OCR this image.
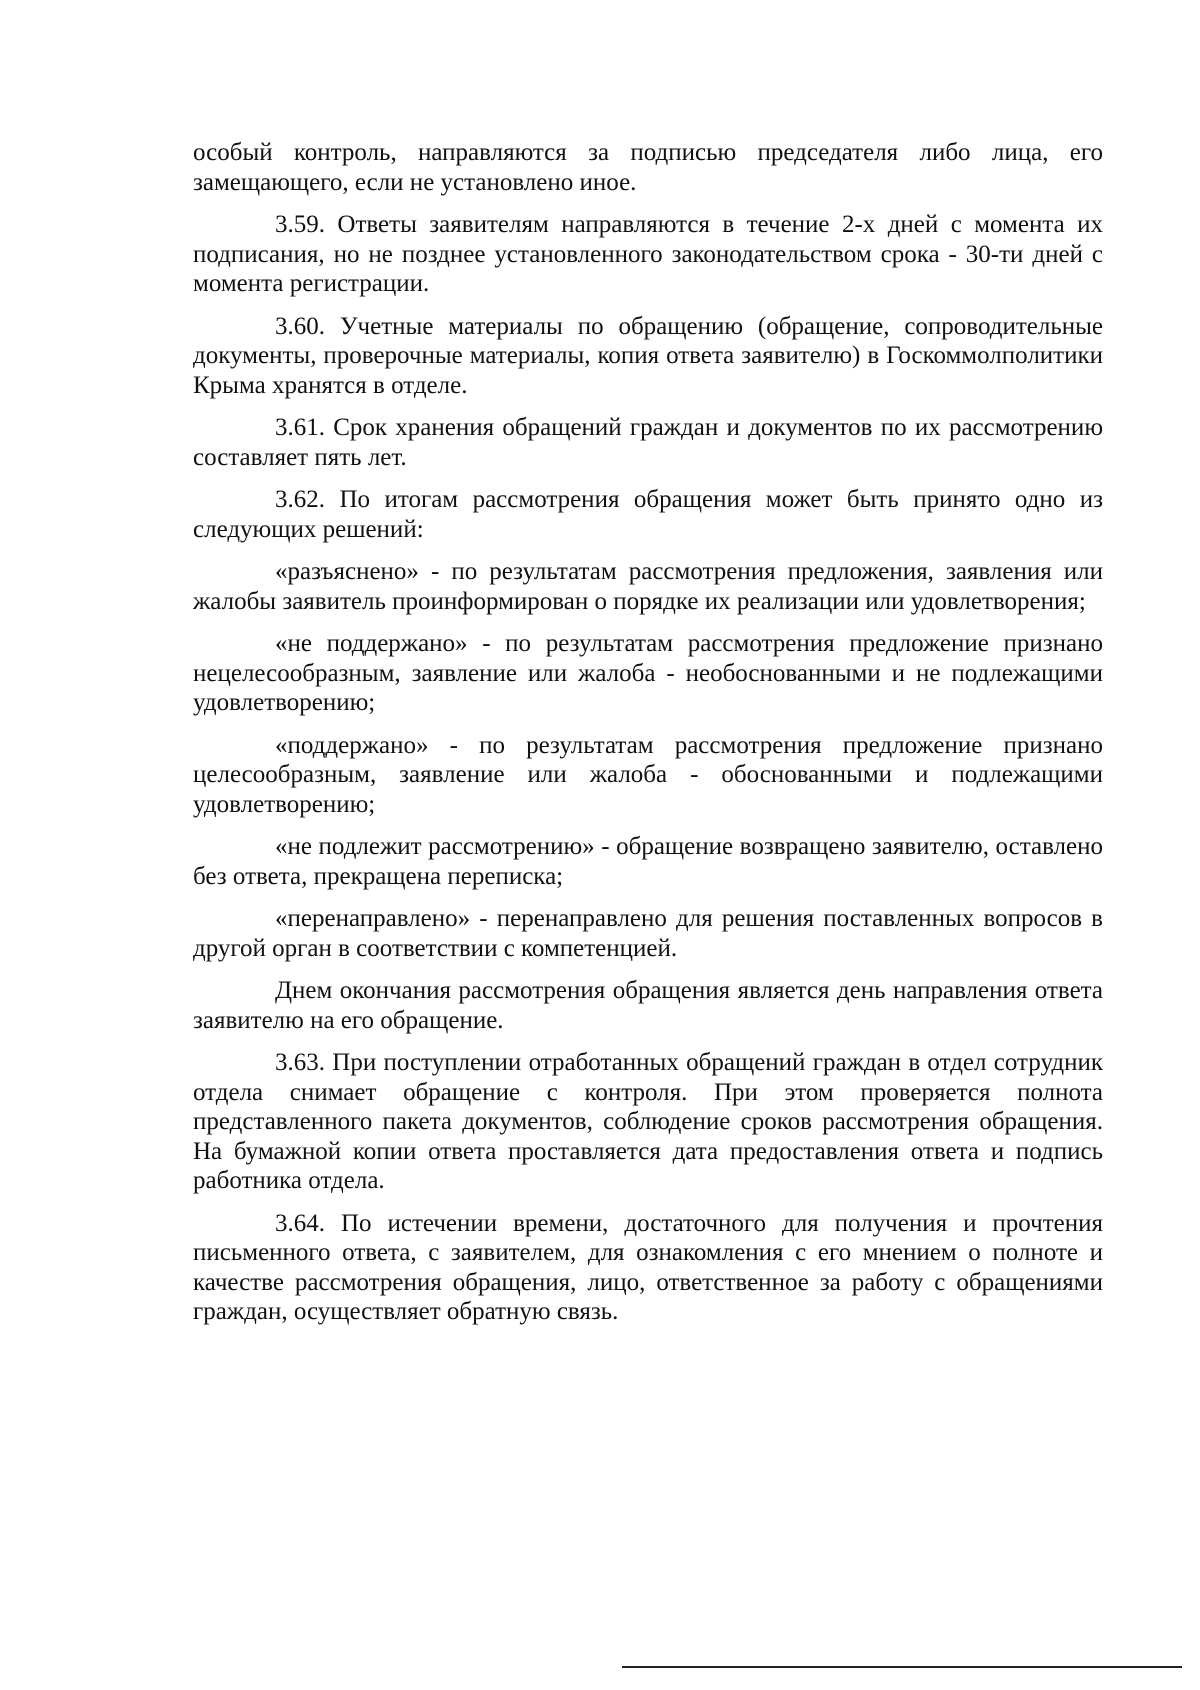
особый контроль, направляются за подписью председателя либо лица, его замещающего, если не установлено иное.

3.59. Ответы заявителям направляются в течение 2-х дней с момента их подписания, но не позднее установленного законодательством срока - 30-ти дней с момента регистрации.

3.60. Учетные материалы по обращению (обращение, сопроводительные документы, проверочные материалы, копия ответа заявителю) в Госкоммолполитики Крыма хранятся в отделе.

3.61. Срок хранения обращений граждан и документов по их рассмотрению составляет пять лет.

3.62. По итогам рассмотрения обращения может быть принято одно из следующих решений:

«разъяснено» - по результатам рассмотрения предложения, заявления или жалобы заявитель проинформирован о порядке их реализации или удовлетворения;

«не поддержано» - по результатам рассмотрения предложение признано нецелесообразным, заявление или жалоба - необоснованными и не подлежащими удовлетворению;

«поддержано» - по результатам рассмотрения предложение признано целесообразным, заявление или жалоба - обоснованными и подлежащими удовлетворению;

«не подлежит рассмотрению» - обращение возвращено заявителю, оставлено без ответа, прекращена переписка;

«перенаправлено» - перенаправлено для решения поставленных вопросов в другой орган в соответствии с компетенцией.

Днем окончания рассмотрения обращения является день направления ответа заявителю на его обращение.

3.63. При поступлении отработанных обращений граждан в отдел сотрудник отдела снимает обращение с контроля. При этом проверяется полнота представленного пакета документов, соблюдение сроков рассмотрения обращения. На бумажной копии ответа проставляется дата предоставления ответа и подпись работника отдела.

3.64. По истечении времени, достаточного для получения и прочтения письменного ответа, с заявителем, для ознакомления с его мнением о полноте и качестве рассмотрения обращения, лицо, ответственное за работу с обращениями граждан, осуществляет обратную связь.
